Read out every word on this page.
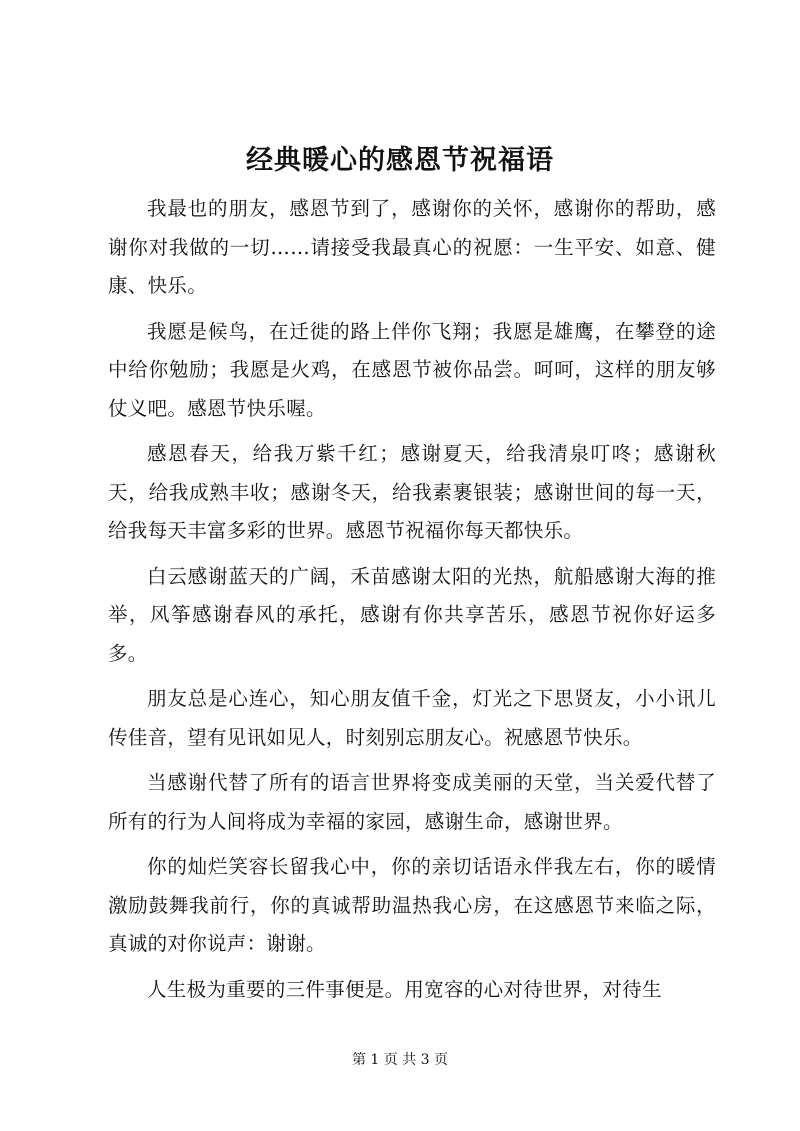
经典暖心的感恩节祝福语

我最也的朋友，感恩节到了，感谢你的关怀，感谢你的帮助，感谢你对我做的一切……请接受我最真心的祝愿：一生平安、如意、健康、快乐。

我愿是候鸟，在迁徙的路上伴你飞翔；我愿是雄鹰，在攀登的途中给你勉励；我愿是火鸡，在感恩节被你品尝。呵呵，这样的朋友够仗义吧。感恩节快乐喔。

感恩春天，给我万紫千红；感谢夏天，给我清泉叮咚；感谢秋天，给我成熟丰收；感谢冬天，给我素裹银装；感谢世间的每一天，给我每天丰富多彩的世界。感恩节祝福你每天都快乐。

白云感谢蓝天的广阔，禾苗感谢太阳的光热，航船感谢大海的推举，风筝感谢春风的承托，感谢有你共享苦乐，感恩节祝你好运多多。

朋友总是心连心，知心朋友值千金，灯光之下思贤友，小小讯儿传佳音，望有见讯如见人，时刻别忘朋友心。祝感恩节快乐。

当感谢代替了所有的语言世界将变成美丽的天堂，当关爱代替了所有的行为人间将成为幸福的家园，感谢生命，感谢世界。

你的灿烂笑容长留我心中，你的亲切话语永伴我左右，你的暖情激励鼓舞我前行，你的真诚帮助温热我心房，在这感恩节来临之际，真诚的对你说声：谢谢。

人生极为重要的三件事便是。用宽容的心对待世界，对待生

第 1 页 共 3 页
